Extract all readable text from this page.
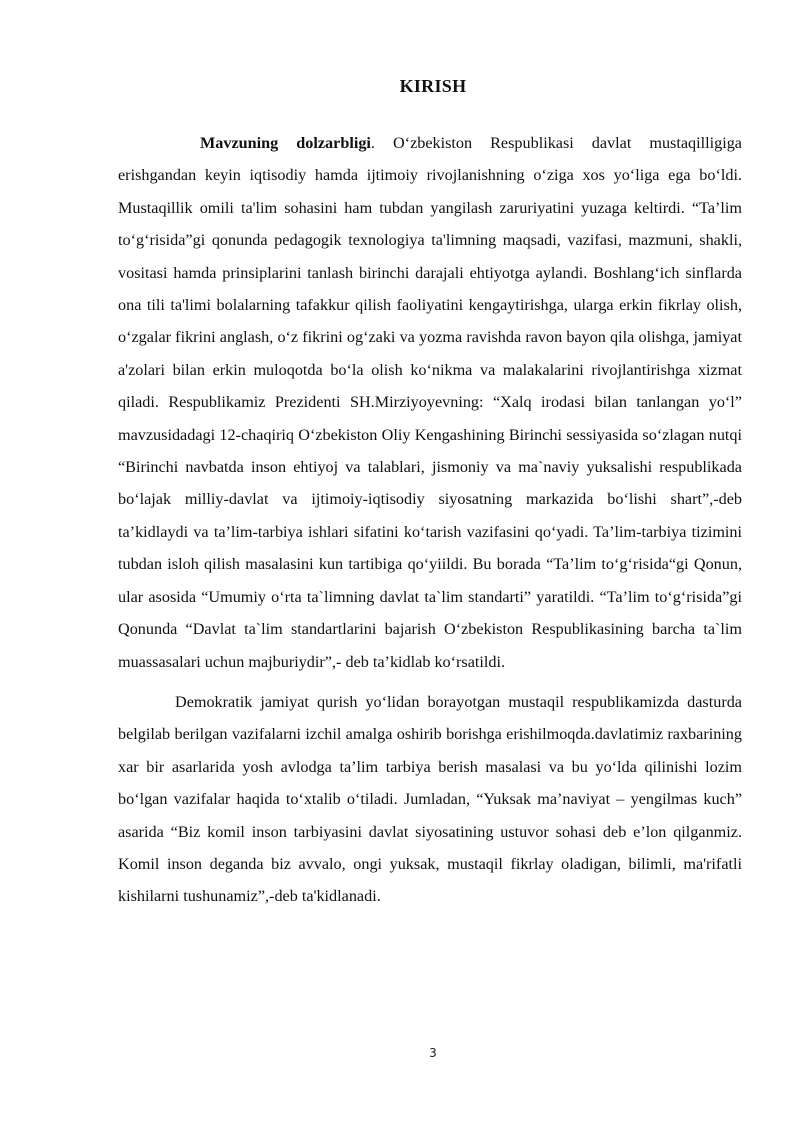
KIRISH

Mavzuning dolzarbligi. O‘zbekiston Respublikasi davlat mustaqilligiga erishgandan keyin iqtisodiy hamda ijtimoiy rivojlanishning o‘ziga xos yo‘liga ega bo‘ldi. Mustaqillik omili ta'lim sohasini ham tubdan yangilash zaruriyatini yuzaga keltirdi. “Ta’lim to‘g‘risida”gi qonunda pedagogik texnologiya ta'limning maqsadi, vazifasi, mazmuni, shakli, vositasi hamda prinsiplarini tanlash birinchi darajali ehtiyotga aylandi. Boshlang‘ich sinflarda ona tili ta'limi bolalarning tafakkur qilish faoliyatini kengaytirishga, ularga erkin fikrlay olish, o‘zgalar fikrini anglash, o‘z fikrini og‘zaki va yozma ravishda ravon bayon qila olishga, jamiyat a'zolari bilan erkin muloqotda bo‘la olish ko‘nikma va malakalarini rivojlantirishga xizmat qiladi. Respublikamiz Prezidenti SH.Mirziyoyevning: “Xalq irodasi bilan tanlangan yo‘l” mavzusidadagi 12-chaqiriq O‘zbekiston Oliy Kengashining Birinchi sessiyasida so‘zlagan nutqi “Birinchi navbatda inson ehtiyoj va talablari, jismoniy va ma`naviy yuksalishi respublikada bo‘lajak milliy-davlat va ijtimoiy-iqtisodiy siyosatning markazida bo‘lishi shart”,-deb ta’kidlaydi va ta’lim-tarbiya ishlari sifatini ko‘tarish vazifasini qo‘yadi. Ta’lim-tarbiya tizimini tubdan isloh qilish masalasini kun tartibiga qo‘yiildi. Bu borada “Ta’lim to‘g‘risida“gi Qonun, ular asosida “Umumiy o‘rta ta`limning davlat ta`lim standarti” yaratildi. “Ta’lim to‘g‘risida”gi Qonunda “Davlat ta`lim standartlarini bajarish O‘zbekiston Respublikasining barcha ta`lim muassasalari uchun majburiydir”,- deb ta’kidlab ko‘rsatildi.

Demokratik jamiyat qurish yo‘lidan borayotgan mustaqil respublikamizda dasturda belgilab berilgan vazifalarni izchil amalga oshirib borishga erishilmoqda.davlatimiz raxbarining xar bir asarlarida yosh avlodga ta’lim tarbiya berish masalasi va bu yo‘lda qilinishi lozim bo‘lgan vazifalar haqida to‘xtalib o‘tiladi. Jumladan, “Yuksak ma’naviyat – yengilmas kuch” asarida “Biz komil inson tarbiyasini davlat siyosatining ustuvor sohasi deb e’lon qilganmiz. Komil inson deganda biz avvalo, ongi yuksak, mustaqil fikrlay oladigan, bilimli, ma'rifatli kishilarni tushunamiz”,-deb ta'kidlanadi.

3
